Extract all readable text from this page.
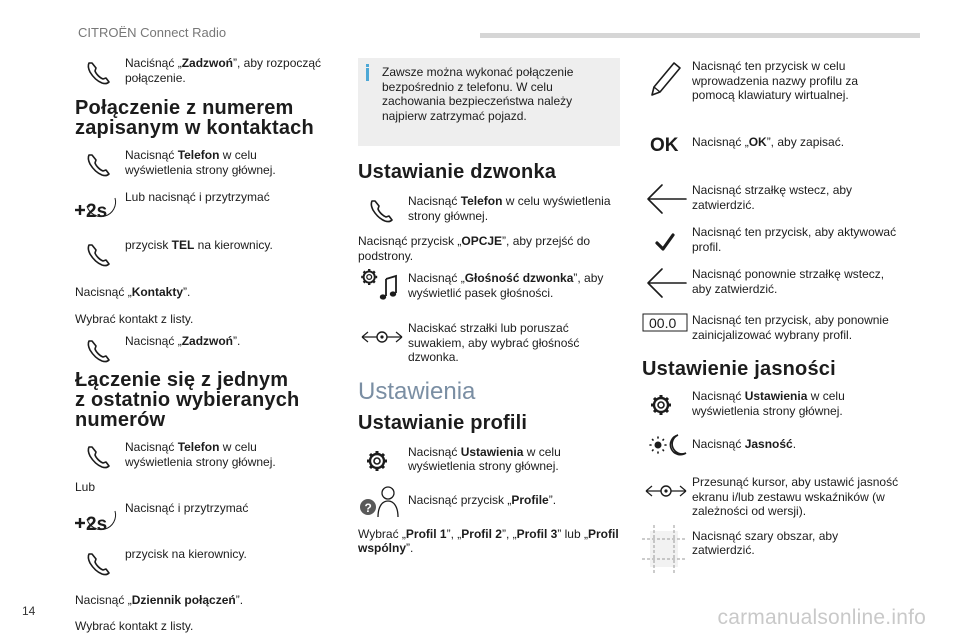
CITROËN Connect Radio
Naciśnąć „Zadzwoń”, aby rozpocząć połączenie.
Połączenie z numerem
zapisanym w kontaktach
Nacisnąć Telefon w celu wyświetlenia strony głównej.
2s
Lub nacisnąć i przytrzymać
przycisk TEL na kierownicy.
Nacisnąć „Kontakty”.
Wybrać kontakt z listy.
Nacisnąć „Zadzwoń”.
Łączenie się z jednym
z ostatnio wybieranych
numerów
Nacisnąć Telefon w celu wyświetlenia strony głównej.
Lub
2s
Nacisnąć i przytrzymać
przycisk na kierownicy.
Nacisnąć „Dziennik połączeń”.
Wybrać kontakt z listy.
Zawsze można wykonać połączenie bezpośrednio z telefonu. W celu zachowania bezpieczeństwa należy najpierw zatrzymać pojazd.
Ustawianie dzwonka
Nacisnąć Telefon w celu wyświetlenia strony głównej.
Nacisnąć przycisk „OPCJE”, aby przejść do podstrony.
Nacisnąć „Głośność dzwonka”, aby wyświetlić pasek głośności.
Naciskać strzałki lub poruszać suwakiem, aby wybrać głośność dzwonka.
Ustawienia
Ustawianie profili
Nacisnąć Ustawienia w celu wyświetlenia strony głównej.
?
Nacisnąć przycisk „Profile”.
Wybrać „Profil 1”, „Profil 2”, „Profil 3” lub „Profil wspólny”.
Nacisnąć ten przycisk w celu wprowadzenia nazwy profilu za pomocą klawiatury wirtualnej.
OK Nacisnąć „OK”, aby zapisać.
Nacisnąć strzałkę wstecz, aby zatwierdzić.
Nacisnąć ten przycisk, aby aktywować profil.
Nacisnąć ponownie strzałkę wstecz, aby zatwierdzić.
00.0 Nacisnąć ten przycisk, aby ponownie zainicjalizować wybrany profil.
Ustawienie jasności
Nacisnąć Ustawienia w celu wyświetlenia strony głównej.
Nacisnąć Jasność.
Przesunąć kursor, aby ustawić jasność ekranu i/lub zestawu wskaźników (w zależności od wersji).
Nacisnąć szary obszar, aby zatwierdzić.
14	carmanualsonline.info
